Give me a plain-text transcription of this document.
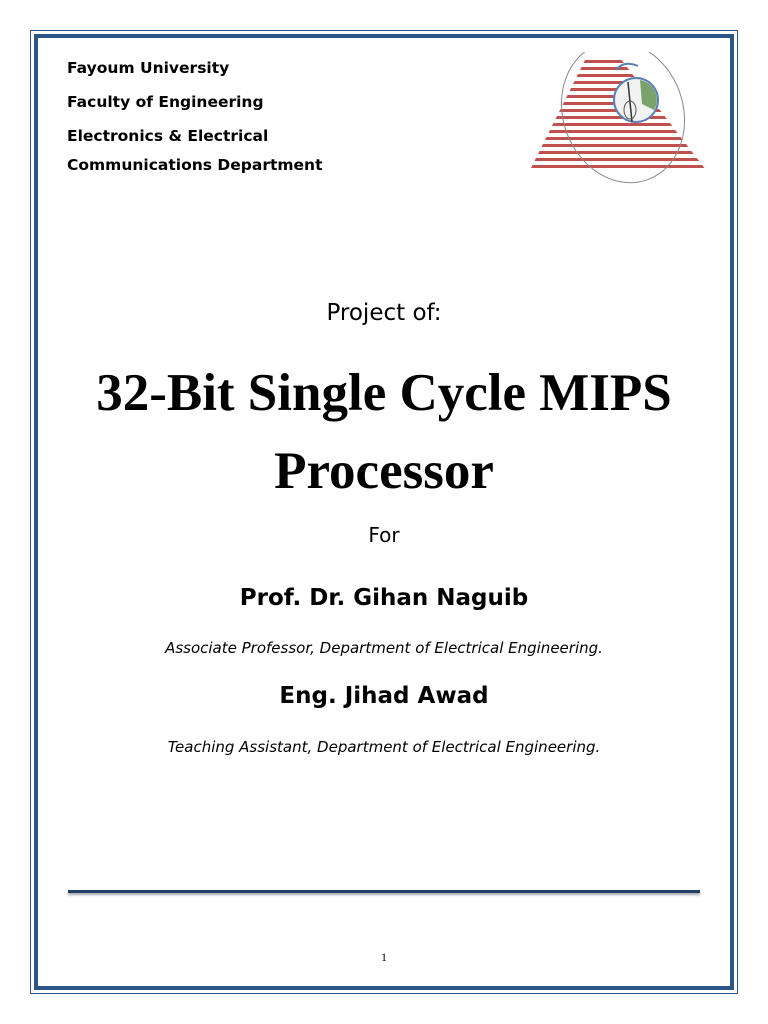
Fayoum University
Faculty of Engineering
Electronics & Electrical
Communications Department
Project of:
32-Bit Single Cycle MIPS
Processor
For
Prof. Dr. Gihan Naguib
Associate Professor, Department of Electrical Engineering.
Eng. Jihad Awad
Teaching Assistant, Department of Electrical Engineering.
1
